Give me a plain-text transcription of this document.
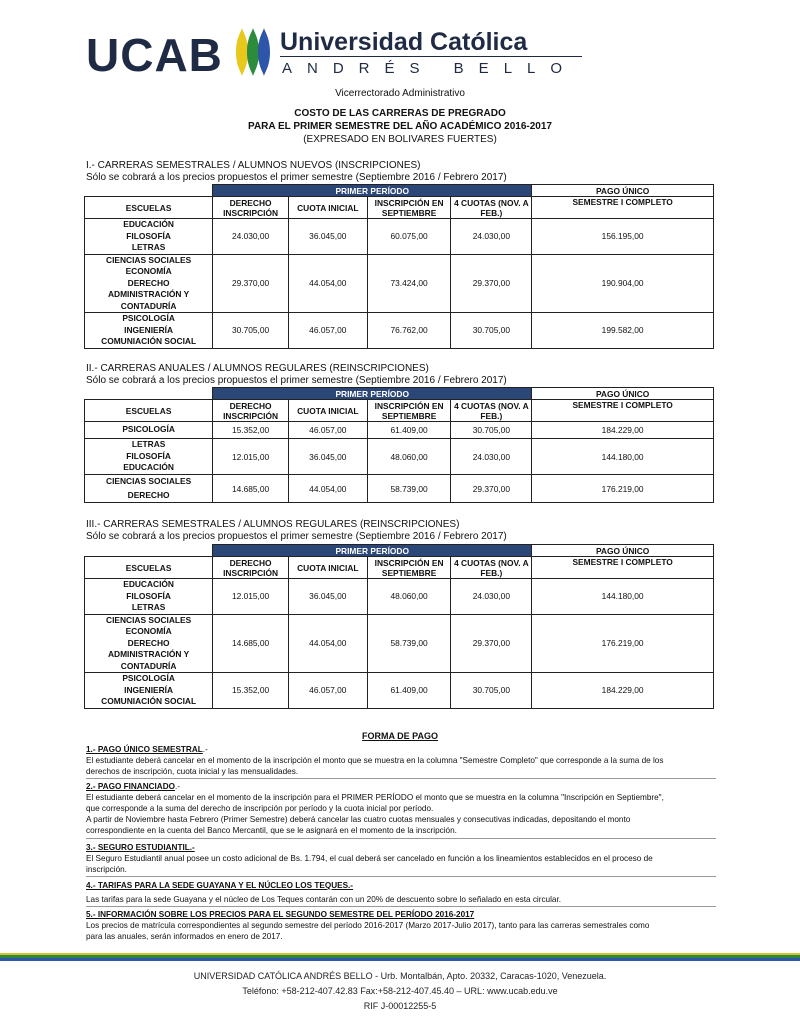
UCAB Universidad Católica
ANDRÉS BELLO
Vicerrectorado Administrativo
COSTO DE LAS CARRERAS DE PREGRADO
PARA EL PRIMER SEMESTRE DEL AÑO ACADÉMICO 2016-2017
(EXPRESADO EN BOLIVARES FUERTES)
I.- CARRERAS SEMESTRALES / ALUMNOS NUEVOS (INSCRIPCIONES)
Sólo se cobrará a los precios propuestos el primer semestre (Septiembre 2016 / Febrero 2017)
	PRIMER PERÍODO				PAGO ÚNICO
ESCUELAS	DERECHO INSCRIPCIÓN	CUOTA INICIAL	INSCRIPCIÓN EN SEPTIEMBRE	4 CUOTAS (NOV. A FEB.)	SEMESTRE I COMPLETO

EDUCACIÓN
FILOSOFÍA
LETRAS	24.030,00	36.045,00	60.075,00	24.030,00	156.195,00

CIENCIAS SOCIALES
ECONOMÍA
DERECHO
ADMINISTRACIÓN Y
CONTADURÍA	29.370,00	44.054,00	73.424,00	29.370,00	190.904,00

PSICOLOGÍA
INGENIERÍA
COMUNIACIÓN SOCIAL	30.705,00	46.057,00	76.762,00	30.705,00	199.582,00
II.- CARRERAS ANUALES / ALUMNOS REGULARES (REINSCRIPCIONES)
Sólo se cobrará a los precios propuestos el primer semestre (Septiembre 2016 / Febrero 2017)
	PRIMER PERÍODO				PAGO ÚNICO
ESCUELAS	DERECHO INSCRIPCIÓN	CUOTA INICIAL	INSCRIPCIÓN EN SEPTIEMBRE	4 CUOTAS (NOV. A FEB.)	SEMESTRE I COMPLETO

PSICOLOGÍA	15.352,00	46.057,00	61.409,00	30.705,00	184.229,00

LETRAS
FILOSOFÍA
EDUCACIÓN	12.015,00	36.045,00	48.060,00	24.030,00	144.180,00

CIENCIAS SOCIALES
DERECHO	14.685,00	44.054,00	58.739,00	29.370,00	176.219,00
III.- CARRERAS SEMESTRALES / ALUMNOS REGULARES (REINSCRIPCIONES)
Sólo se cobrará a los precios propuestos el primer semestre (Septiembre 2016 / Febrero 2017)
	PRIMER PERÍODO				PAGO ÚNICO
ESCUELAS	DERECHO INSCRIPCIÓN	CUOTA INICIAL	INSCRIPCIÓN EN SEPTIEMBRE	4 CUOTAS (NOV. A FEB.)	SEMESTRE I COMPLETO

EDUCACIÓN
FILOSOFÍA
LETRAS	12.015,00	36.045,00	48.060,00	24.030,00	144.180,00

CIENCIAS SOCIALES
ECONOMÍA
DERECHO
ADMINISTRACIÓN Y
CONTADURÍA	14.685,00	44.054,00	58.739,00	29.370,00	176.219,00

PSICOLOGÍA
INGENIERÍA
COMUNIACIÓN SOCIAL	15.352,00	46.057,00	61.409,00	30.705,00	184.229,00
FORMA DE PAGO
1.- PAGO ÚNICO SEMESTRAL.-
El estudiante deberá cancelar en el momento de la inscripción el monto que se muestra en la columna "Semestre Completo" que corresponde a la suma de los
derechos de inscripción, cuota inicial y las mensualidades.
2.- PAGO FINANCIADO.-
El estudiante deberá cancelar en el momento de la inscripción para el PRIMER PERÍODO el monto que se muestra en la columna "Inscripción en Septiembre",
que corresponde a la suma del derecho de inscripción por período y la cuota inicial por período.
A partir de Noviembre hasta Febrero (Primer Semestre) deberá cancelar las cuatro cuotas mensuales y consecutivas indicadas, depositando el monto
correspondiente en la cuenta del Banco Mercantil, que se le asignará en el momento de la inscripción.
3.- SEGURO ESTUDIANTIL.-
El Seguro Estudiantil anual posee un costo adicional de Bs. 1.794, el cual deberá ser cancelado en función a los lineamientos establecidos en el proceso de
inscripción.
4.- TARIFAS PARA LA SEDE GUAYANA Y EL NÚCLEO LOS TEQUES.-
Las tarifas para la sede Guayana y el núcleo de Los Teques contarán con un 20% de descuento sobre lo señalado en esta circular.
5.- INFORMACIÓN SOBRE LOS PRECIOS PARA EL SEGUNDO SEMESTRE DEL PERÍODO 2016-2017
Los precios de matrícula correspondientes al segundo semestre del período 2016-2017 (Marzo 2017-Julio 2017), tanto para las carreras semestrales como
para las anuales, serán informados en enero de 2017.
UNIVERSIDAD CATÓLICA ANDRÉS BELLO - Urb. Montalbán, Apto. 20332, Caracas-1020, Venezuela.
Teléfono: +58-212-407.42.83 Fax:+58-212-407.45.40 – URL: www.ucab.edu.ve
RIF J-00012255-5
